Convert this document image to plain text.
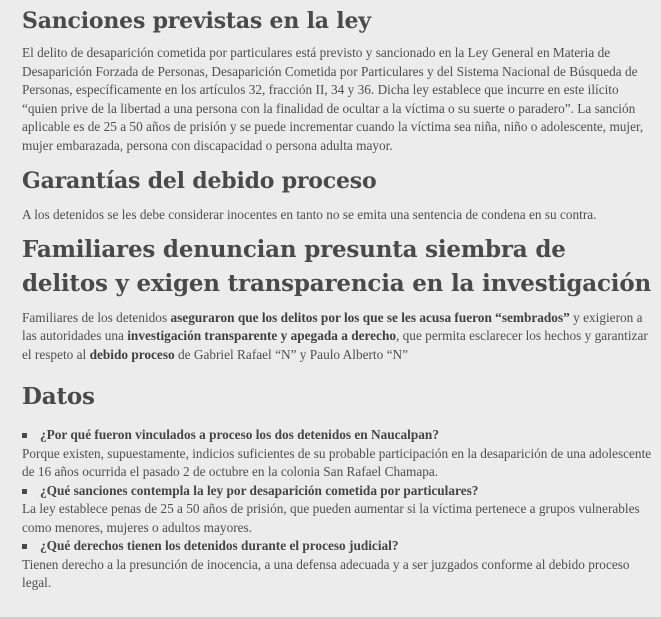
Sanciones previstas en la ley

El delito de desaparición cometida por particulares está previsto y sancionado en la Ley General en Materia de Desaparición Forzada de Personas, Desaparición Cometida por Particulares y del Sistema Nacional de Búsqueda de Personas, específicamente en los artículos 32, fracción II, 34 y 36. Dicha ley establece que incurre en este ilícito “quien prive de la libertad a una persona con la finalidad de ocultar a la víctima o su suerte o paradero”. La sanción aplicable es de 25 a 50 años de prisión y se puede incrementar cuando la víctima sea niña, niño o adolescente, mujer, mujer embarazada, persona con discapacidad o persona adulta mayor.

Garantías del debido proceso

A los detenidos se les debe considerar inocentes en tanto no se emita una sentencia de condena en su contra.

Familiares denuncian presunta siembra de delitos y exigen transparencia en la investigación

Familiares de los detenidos aseguraron que los delitos por los que se les acusa fueron “sembrados” y exigieron a las autoridades una investigación transparente y apegada a derecho, que permita esclarecer los hechos y garantizar el respeto al debido proceso de Gabriel Rafael “N” y Paulo Alberto “N”

Datos
¿Por qué fueron vinculados a proceso los dos detenidos en Naucalpan?
Porque existen, supuestamente, indicios suficientes de su probable participación en la desaparición de una adolescente de 16 años ocurrida el pasado 2 de octubre en la colonia San Rafael Chamapa.
¿Qué sanciones contempla la ley por desaparición cometida por particulares?
La ley establece penas de 25 a 50 años de prisión, que pueden aumentar si la víctima pertenece a grupos vulnerables como menores, mujeres o adultos mayores.
¿Qué derechos tienen los detenidos durante el proceso judicial?
Tienen derecho a la presunción de inocencia, a una defensa adecuada y a ser juzgados conforme al debido proceso legal.
